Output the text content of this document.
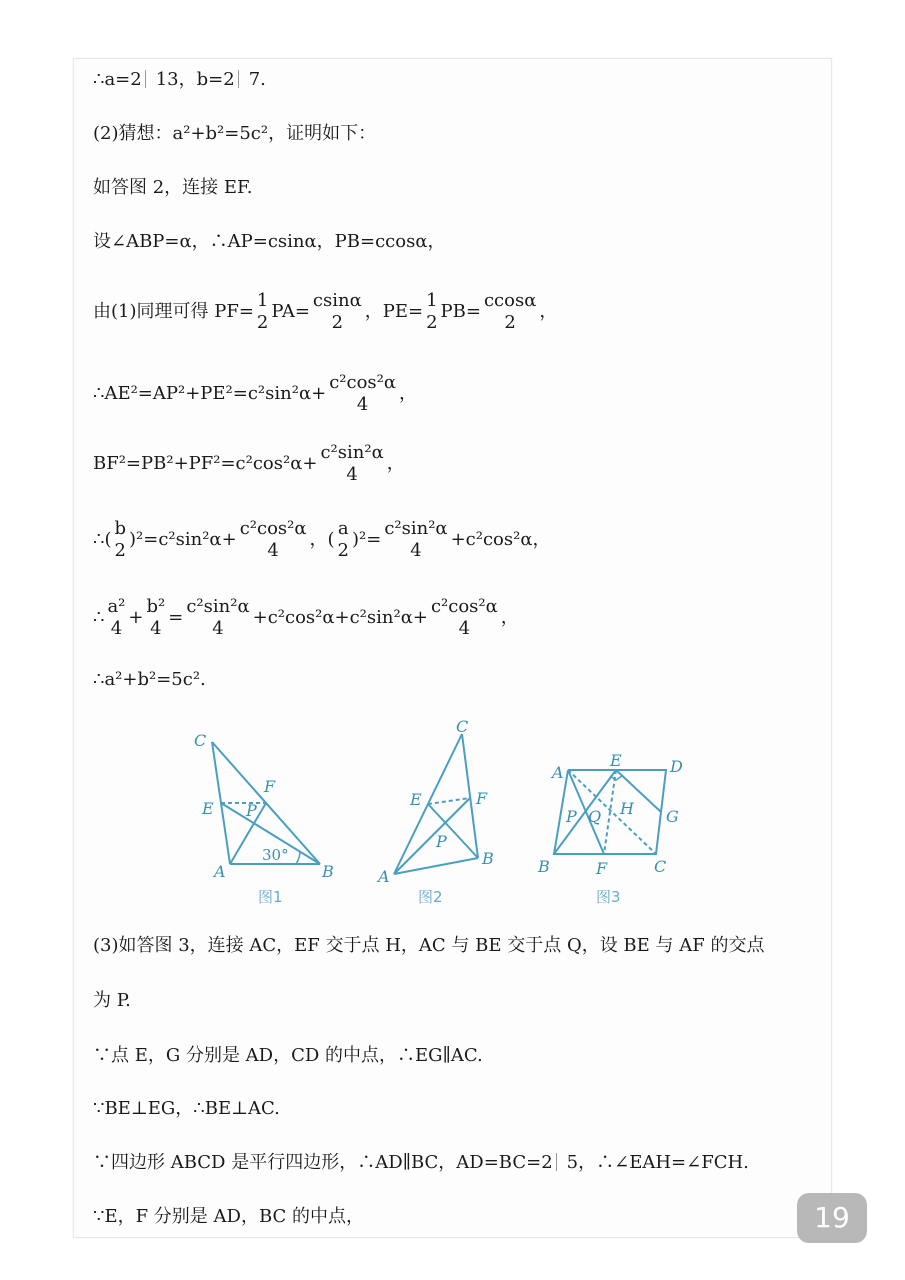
∴a=2 13，b=2 7.
(2)猜想：a²+b²=5c²，证明如下：
如答图 2，连接 EF.
设∠ABP=α，∴AP=csinα，PB=ccosα，
由(1)同理可得 PF=
1
2
PA=
csinα
2
，PE=
1
2
PB=
ccosα
2
，
∴AE²=AP²+PE²=c²sin²α+
c²cos²α
4
，
BF²=PB²+PF²=c²cos²α+
c²sin²α
4
，
∴(
b
2
)²=c²sin²α+
c²cos²α
4
，(
a
2
)²=
c²sin²α
4
+c²cos²α，
∴
a²
4
+
b²
4
=
c²sin²α
4
+c²cos²α+c²sin²α+
c²cos²α
4
，
∴a²+b²=5c².
C
F
E P
A	B
30°
图1
C
E	F
P
A
B
图2
A
E	D
P Q H G
B	F	C
图3
(3)如答图 3，连接 AC，EF 交于点 H，AC 与 BE 交于点 Q，设 BE 与 AF 的交点
为 P.
∵点 E，G 分别是 AD，CD 的中点，∴EG∥AC.
∵BE⊥EG，∴BE⊥AC.
∵四边形 ABCD 是平行四边形，∴AD∥BC，AD=BC=2 5，∴∠EAH=∠FCH.
∵E，F 分别是 AD，BC 的中点，	19
